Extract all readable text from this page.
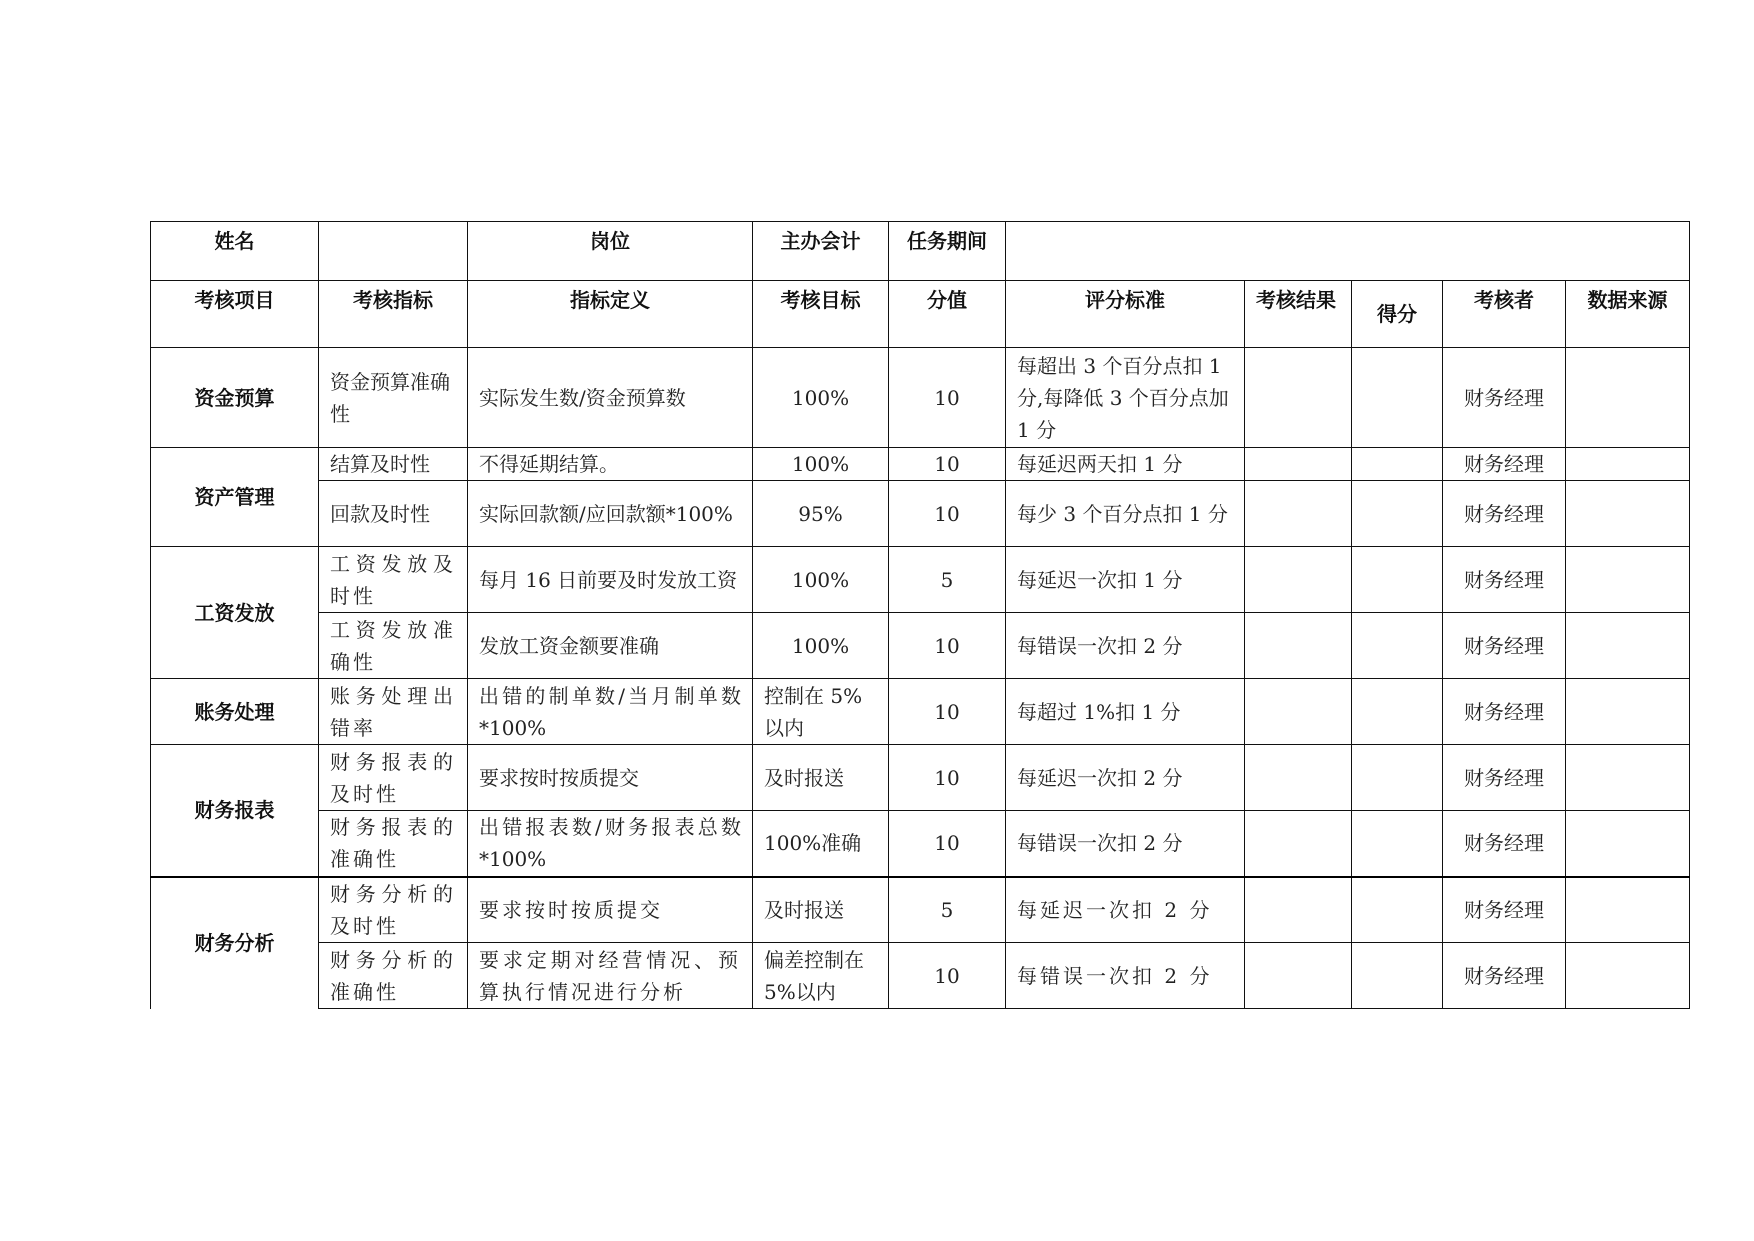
姓名		岗位	主办会计	任务期间					
考核项目	考核指标	指标定义	考核目标	分值	评分标准	考核结果	得分	考核者	数据来源
资金预算	资金预算准确性	实际发生数/资金预算数	100%	10	每超出 3 个百分点扣 1 分,每降低 3 个百分点加 1 分			财务经理	
资产管理	结算及时性	不得延期结算。	100%	10	每延迟两天扣 1 分			财务经理	
	回款及时性	实际回款额/应回款额*100%	95%	10	每少 3 个百分点扣 1 分			财务经理	
工资发放	工资发放及时性	每月 16 日前要及时发放工资	100%	5	每延迟一次扣 1 分			财务经理	
	工资发放准确性	发放工资金额要准确	100%	10	每错误一次扣 2 分			财务经理	
账务处理	账务处理出错率	出错的制单数/当月制单数*100%	控制在 5%以内	10	每超过 1%扣 1 分			财务经理	
财务报表	财务报表的及时性	要求按时按质提交	及时报送	10	每延迟一次扣 2 分			财务经理	
	财务报表的准确性	出错报表数/财务报表总数*100%	100%准确	10	每错误一次扣 2 分			财务经理	
财务分析	财务分析的及时性	要求按时按质提交	及时报送	5	每延迟一次扣 2 分			财务经理	
	财务分析的准确性	要求定期对经营情况、预算执行情况进行分析	偏差控制在 5%以内	10	每错误一次扣 2 分			财务经理	
